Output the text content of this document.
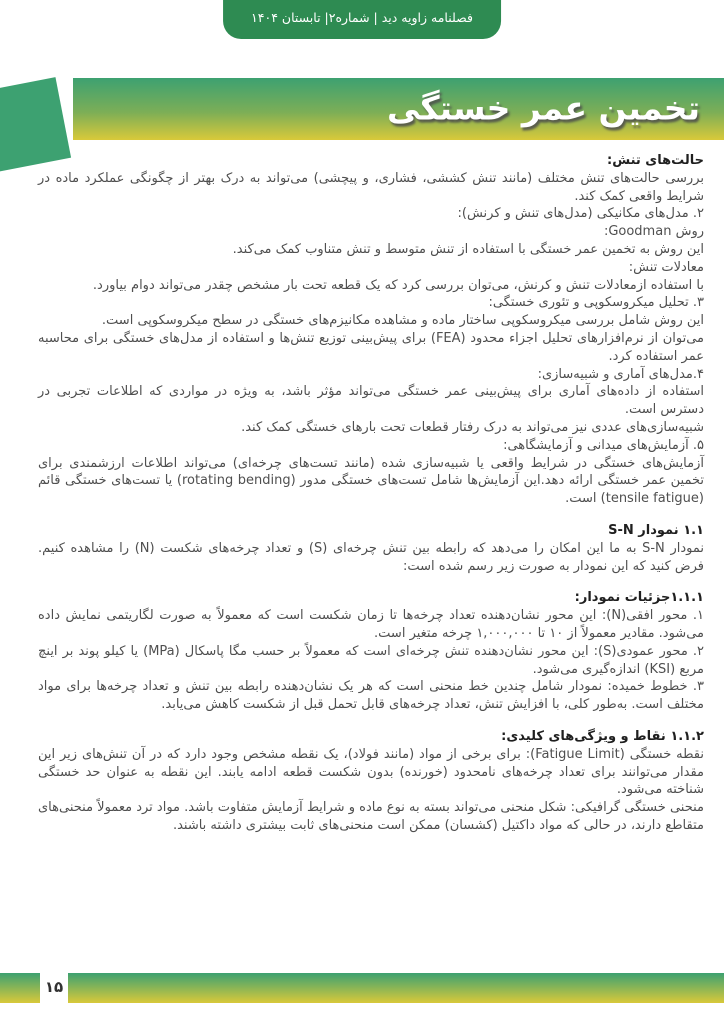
فصلنامه زاویه دید | شماره۲| تابستان ۱۴۰۴
تخمین عمر خستگی
حالت‌های تنش:
بررسی حالت‌های تنش مختلف (مانند تنش کششی، فشاری، و پیچشی) می‌تواند به درک بهتر از چگونگی عملکرد ماده در شرایط واقعی کمک کند.
۲. مدل‌های مکانیکی (مدل‌های تنش و کرنش):
روش Goodman:
این روش به تخمین عمر خستگی با استفاده از تنش متوسط و تنش متناوب کمک می‌کند.
معادلات تنش:
با استفاده ازمعادلات تنش و کرنش، می‌توان بررسی کرد که یک قطعه تحت بار مشخص چقدر می‌تواند دوام بیاورد.
۳. تحلیل میکروسکوپی و تئوری خستگی:
این روش شامل بررسی میکروسکوپی ساختار ماده و مشاهده مکانیزم‌های خستگی در سطح میکروسکوپی است.
می‌توان از نرم‌افزارهای تحلیل اجزاء محدود (FEA) برای پیش‌بینی توزیع تنش‌ها و استفاده از مدل‌های خستگی برای محاسبه عمر استفاده کرد.
۴.مدل‌های آماری و شبیه‌سازی:
استفاده از داده‌های آماری برای پیش‌بینی عمر خستگی می‌تواند مؤثر باشد، به ویژه در مواردی که اطلاعات تجربی در دسترس است.
شبیه‌سازی‌های عددی نیز می‌تواند به درک رفتار قطعات تحت بارهای خستگی کمک کند.
۵. آزمایش‌های میدانی و آزمایشگاهی:
آزمایش‌های خستگی در شرایط واقعی یا شبیه‌سازی شده (مانند تست‌های چرخه‌ای) می‌تواند اطلاعات ارزشمندی برای تخمین عمر خستگی ارائه دهد.این آزمایش‌ها شامل تست‌های خستگی مدور (rotating bending) یا تست‌های خستگی قائم (tensile fatigue) است.
۱.۱ نمودار S-N
نمودار S-N به ما این امکان را می‌دهد که رابطه بین تنش چرخه‌ای (S) و تعداد چرخه‌های شکست (N) را مشاهده کنیم. فرض کنید که این نمودار به صورت زیر رسم شده است:
۱.۱.۱جزئیات نمودار:
۱. محور افقی(N): این محور نشان‌دهنده تعداد چرخه‌ها تا زمان شکست است که معمولاً به صورت لگاریتمی نمایش داده می‌شود. مقادیر معمولاً از ۱۰ تا ۱,۰۰۰,۰۰۰ چرخه متغیر است.
۲. محور عمودی(S): این محور نشان‌دهنده تنش چرخه‌ای است که معمولاً بر حسب مگا پاسکال (MPa) یا کیلو پوند بر اینچ مربع (KSI) اندازه‌گیری می‌شود.
۳. خطوط خمیده: نمودار شامل چندین خط منحنی است که هر یک نشان‌دهنده رابطه بین تنش و تعداد چرخه‌ها برای مواد مختلف است. به‌طور کلی، با افزایش تنش، تعداد چرخه‌های قابل تحمل قبل از شکست کاهش می‌یابد.
۱.۱.۲ نقاط و ویژگی‌های کلیدی:
نقطه خستگی (Fatigue Limit): برای برخی از مواد (مانند فولاد)، یک نقطه مشخص وجود دارد که در آن تنش‌های زیر این مقدار می‌توانند برای تعداد چرخه‌های نامحدود (خورنده) بدون شکست قطعه ادامه یابند. این نقطه به عنوان حد خستگی شناخته می‌شود.
منحنی خستگی گرافیکی: شکل منحنی می‌تواند بسته به نوع ماده و شرایط آزمایش متفاوت باشد. مواد ترد معمولاً منحنی‌های متقاطع دارند، در حالی که مواد داکتیل (کشسان) ممکن است منحنی‌های ثابت بیشتری داشته باشند.
۱۵
